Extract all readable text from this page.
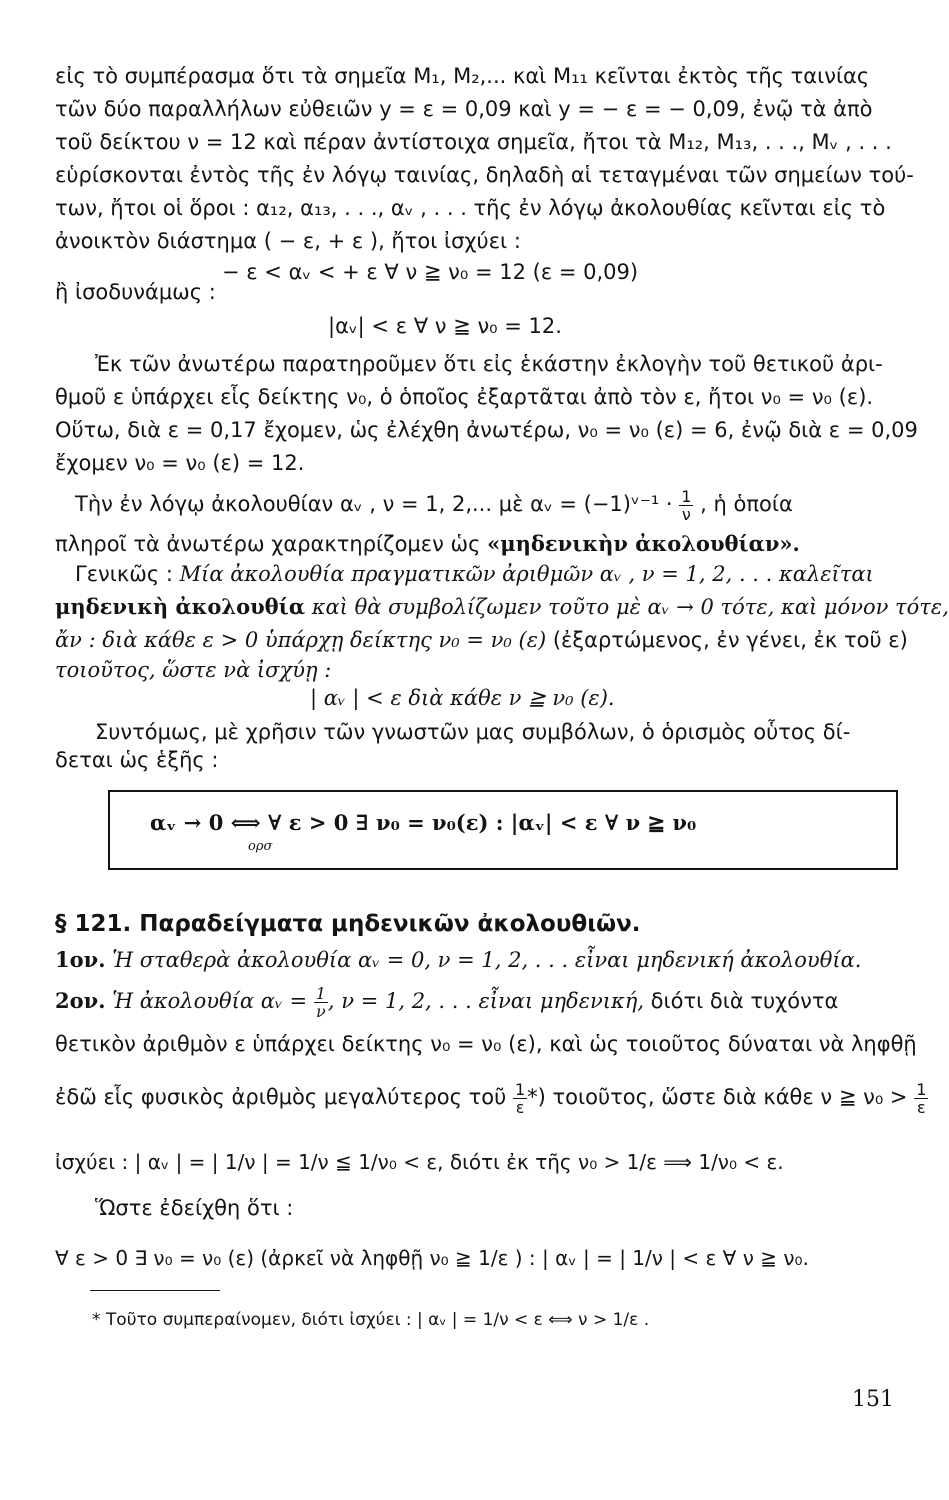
εἰς τὸ συμπέρασμα ὅτι τὰ σημεῖα M₁, M₂,... καὶ M₁₁ κεῖνται ἐκτὸς τῆς ταινίας
τῶν δύο παραλλήλων εὐθειῶν y = ε = 0,09 καὶ y = − ε = − 0,09, ἐνῷ τὰ ἀπὸ
τοῦ δείκτου ν = 12 καὶ πέραν ἀντίστοιχα σημεῖα, ἤτοι τὰ M₁₂, M₁₃, . . ., Mᵥ , . . .
εὑρίσκονται ἐντὸς τῆς ἐν λόγῳ ταινίας, δηλαδὴ αἱ τεταγμέναι τῶν σημείων τού-
των, ἤτοι οἱ ὅροι : α₁₂, α₁₃, . . ., αᵥ , . . . τῆς ἐν λόγῳ ἀκολουθίας κεῖνται εἰς τὸ
ἀνοικτὸν διάστημα ( − ε, + ε ), ἤτοι ἰσχύει :
− ε < αᵥ < + ε ∀ ν ≧ ν₀ = 12 (ε = 0,09)
ἢ ἰσοδυνάμως :
|αᵥ| < ε ∀ ν ≧ ν₀ = 12.
Ἐκ τῶν ἀνωτέρω παρατηροῦμεν ὅτι εἰς ἑκάστην ἐκλογὴν τοῦ θετικοῦ ἀρι-
θμοῦ ε ὑπάρχει εἷς δείκτης ν₀, ὁ ὁποῖος ἐξαρτᾶται ἀπὸ τὸν ε, ἤτοι ν₀ = ν₀ (ε).
Οὕτω, διὰ ε = 0,17 ἔχομεν, ὡς ἐλέχθη ἀνωτέρω, ν₀ = ν₀ (ε) = 6, ἐνῷ διὰ ε = 0,09
ἔχομεν ν₀ = ν₀ (ε) = 12.
Τὴν ἐν λόγῳ ἀκολουθίαν αᵥ , ν = 1, 2,... μὲ αᵥ = (−1)ᵛ⁻¹ · $\frac{1}{\nu}$ , ἡ ὁποία
πληροῖ τὰ ἀνωτέρω χαρακτηρίζομεν ὡς «μηδενικὴν ἀκολουθίαν».
Γενικῶς : Μία ἀκολουθία πραγματικῶν ἀριθμῶν αᵥ , ν = 1, 2, . . . καλεῖται
μηδενικὴ ἀκολουθία καὶ θὰ συμβολίζωμεν τοῦτο μὲ αᵥ → 0 τότε, καὶ μόνον τότε,
ἄν : διὰ κάθε ε > 0 ὑπάρχῃ δείκτης ν₀ = ν₀ (ε) (ἐξαρτώμενος, ἐν γένει, ἐκ τοῦ ε)
τοιοῦτος, ὥστε νὰ ἰσχύῃ :
| αᵥ | < ε διὰ κάθε ν ≧ ν₀ (ε).
Συντόμως, μὲ χρῆσιν τῶν γνωστῶν μας συμβόλων, ὁ ὁρισμὸς οὗτος δί-
δεται ὡς ἑξῆς :
αᵥ → 0 ⟺ ∀ ε > 0 ∃ ν₀ = ν₀(ε) : |αᵥ| < ε ∀ ν ≧ ν₀
ορσ
§ 121. Παραδείγματα μηδενικῶν ἀκολουθιῶν.
1ον. Ἡ σταθερὰ ἀκολουθία αᵥ = 0, ν = 1, 2, . . . εἶναι μηδενική ἀκολουθία.
2ον. Ἡ ἀκολουθία αᵥ = $\frac{1}{\nu}$ , ν = 1, 2, . . . εἶναι μηδενική, διότι διὰ τυχόντα
θετικὸν ἀριθμὸν ε ὑπάρχει δείκτης ν₀ = ν₀ (ε), καὶ ὡς τοιοῦτος δύναται νὰ ληφθῇ
ἐδῶ εἷς φυσικὸς ἀριθμὸς μεγαλύτερος τοῦ $\frac{1}{\varepsilon}$ *) τοιοῦτος, ὥστε διὰ κάθε ν ≧ $\nu_0 > \frac{1}{\varepsilon}$
ἰσχύει : | αᵥ | = | 1/ν | = 1/ν ≦ 1/ν₀ < ε, διότι ἐκ τῆς ν₀ > 1/ε ⟹ 1/ν₀ < ε.
Ὥστε ἐδείχθη ὅτι :
∀ ε > 0 ∃ ν₀ = ν₀ (ε) (ἀρκεῖ νὰ ληφθῇ ν₀ ≧ 1/ε ) : | αᵥ | = | 1/ν | < ε ∀ ν ≧ ν₀.
* Τοῦτο συμπεραίνομεν, διότι ἰσχύει : | αᵥ | = 1/ν < ε ⟺ ν > 1/ε .
151
